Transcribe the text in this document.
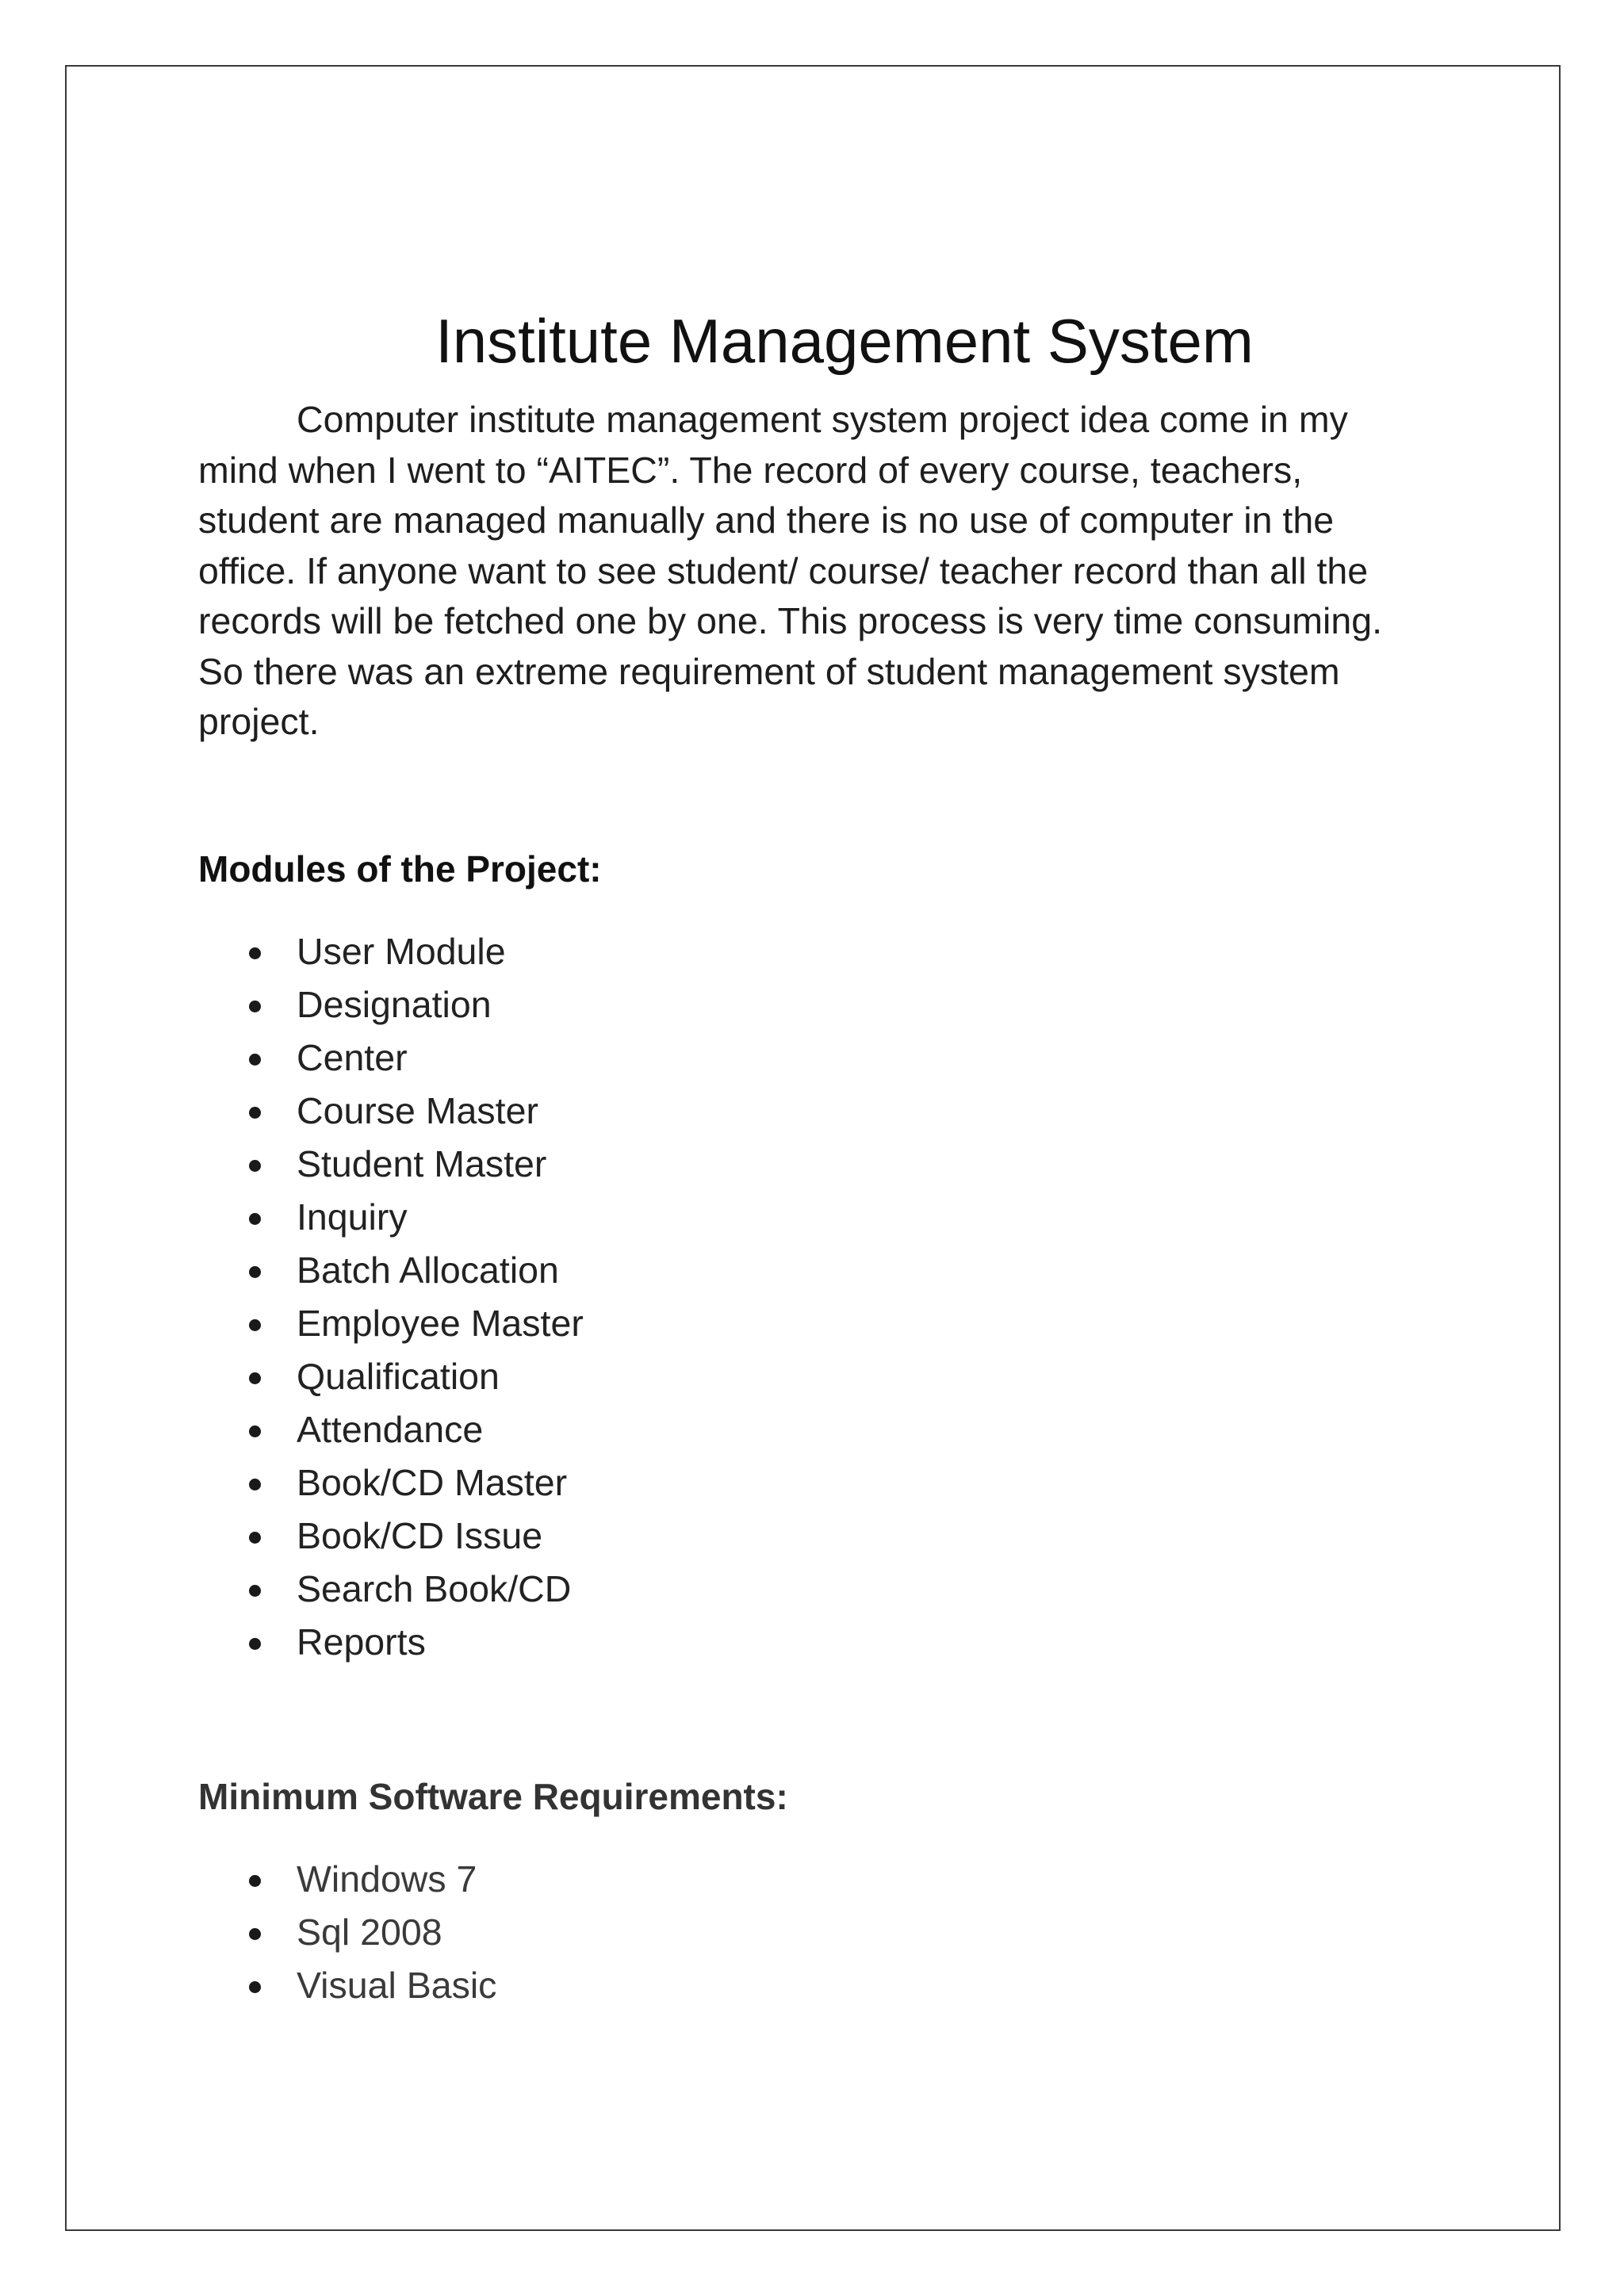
Institute Management System

Computer institute management system project idea come in my
mind when I went to “AITEC”. The record of every course, teachers,
student are managed manually and there is no use of computer in the
office. If anyone want to see student/ course/ teacher record than all the
records will be fetched one by one. This process is very time consuming.
So there was an extreme requirement of student management system
project.

Modules of the Project:
User Module
Designation
Center
Course Master
Student Master
Inquiry
Batch Allocation
Employee Master
Qualification
Attendance
Book/CD Master
Book/CD Issue
Search Book/CD
Reports
Minimum Software Requirements:
Windows 7
Sql 2008
Visual Basic
